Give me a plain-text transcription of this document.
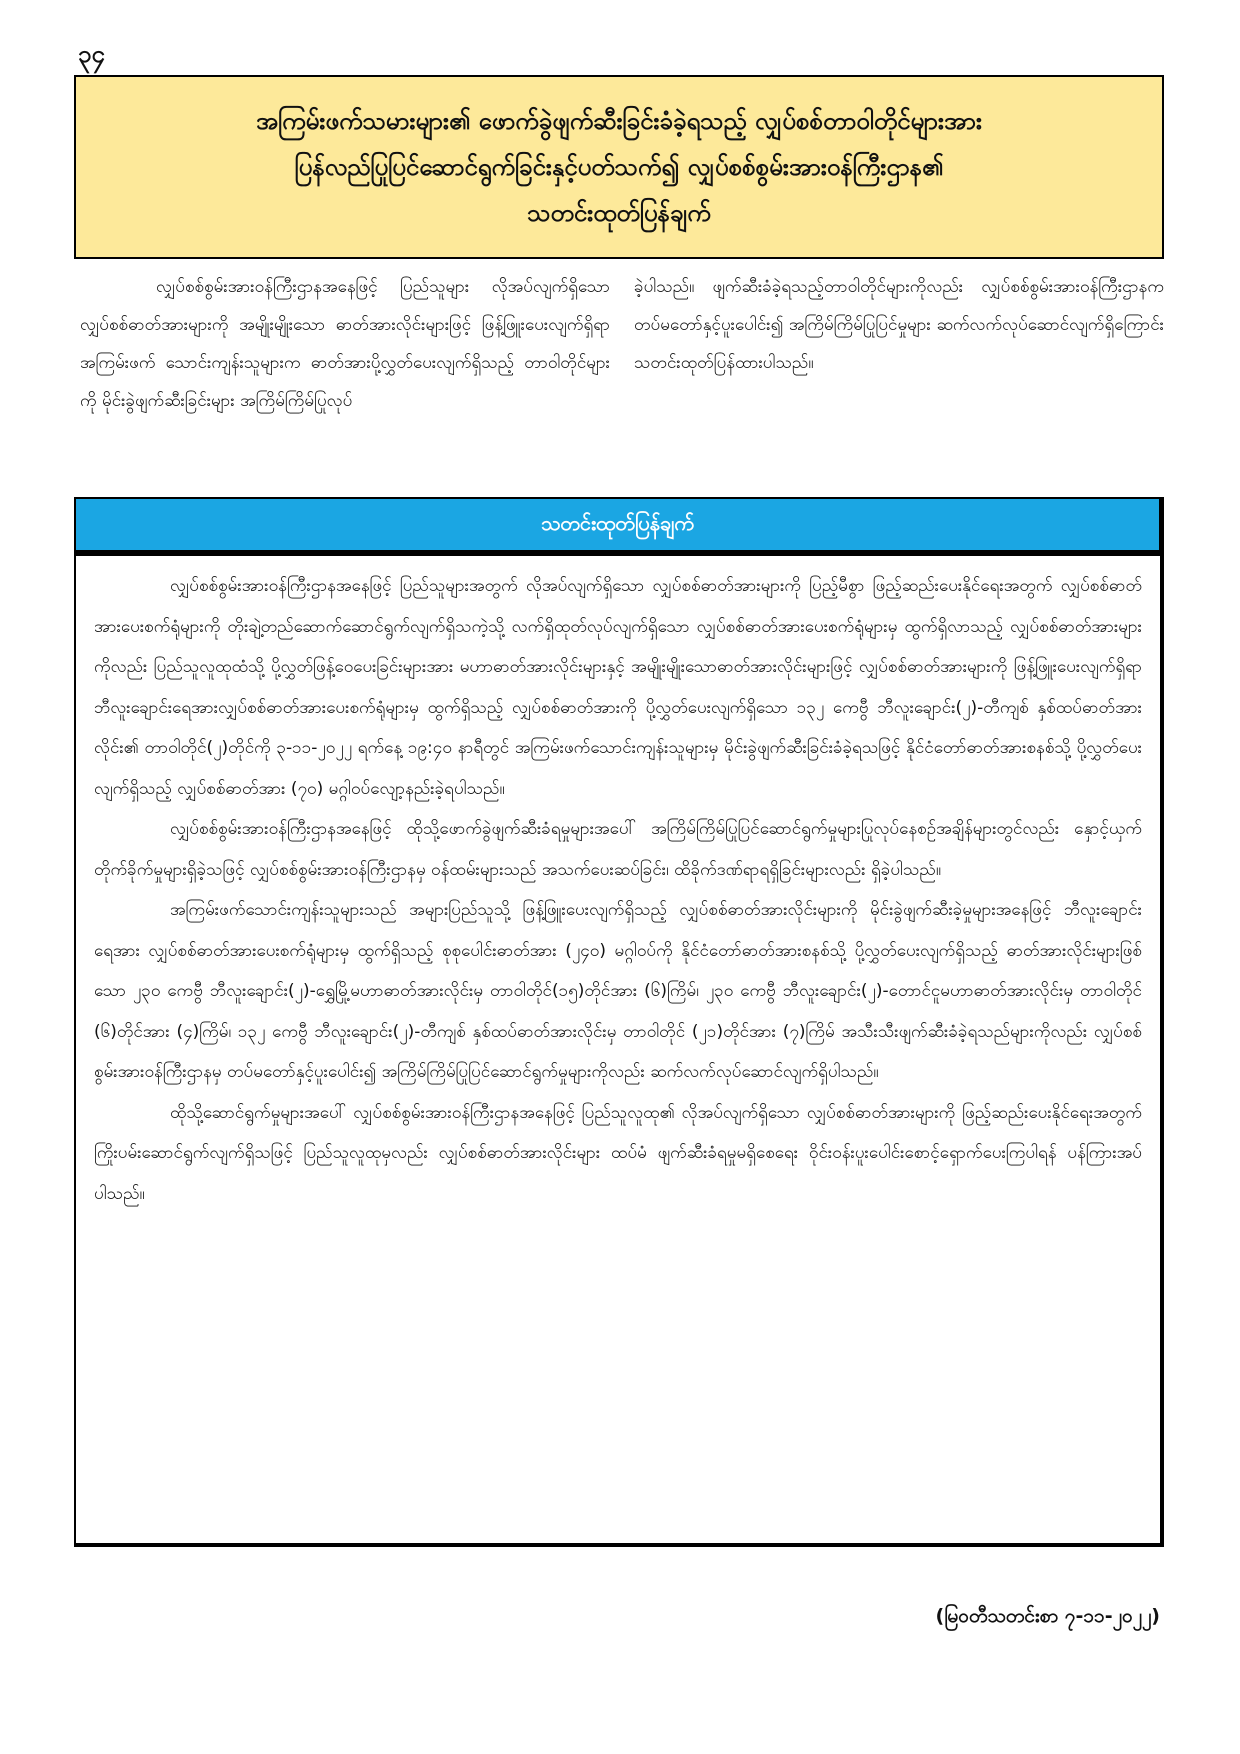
၃၄
အကြမ်းဖက်သမားများ၏ ဖောက်ခွဲဖျက်ဆီးခြင်းခံခဲ့ရသည့် လျှပ်စစ်တာဝါတိုင်များအား
ပြန်လည်ပြုပြင်ဆောင်ရွက်ခြင်းနှင့်ပတ်သက်၍ လျှပ်စစ်စွမ်းအားဝန်ကြီးဌာန၏
သတင်းထုတ်ပြန်ချက်
လျှပ်စစ်စွမ်းအားဝန်ကြီးဌာနအနေဖြင့် ပြည်သူများ လိုအပ်လျက်ရှိသော လျှပ်စစ်ဓာတ်အားများကို အမျိုးမျိုးသော ဓာတ်အားလိုင်းများဖြင့် ဖြန့်ဖြူးပေးလျက်ရှိရာ အကြမ်းဖက် သောင်းကျန်းသူများက ဓာတ်အားပို့လွှတ်ပေးလျက်ရှိသည့် တာဝါတိုင်များကို မိုင်းခွဲဖျက်ဆီးခြင်းများ အကြိမ်ကြိမ်ပြုလုပ်
ခဲ့ပါသည်။ ဖျက်ဆီးခံခဲ့ရသည့်တာဝါတိုင်များကိုလည်း လျှပ်စစ်စွမ်းအားဝန်ကြီးဌာနက တပ်မတော်နှင့်ပူးပေါင်း၍ အကြိမ်ကြိမ်ပြုပြင်မှုများ ဆက်လက်လုပ်ဆောင်လျက်ရှိကြောင်း သတင်းထုတ်ပြန်ထားပါသည်။
သတင်းထုတ်ပြန်ချက်

လျှပ်စစ်စွမ်းအားဝန်ကြီးဌာနအနေဖြင့် ပြည်သူများအတွက် လိုအပ်လျက်ရှိသော လျှပ်စစ်ဓာတ်အားများကို ပြည့်မီစွာ ဖြည့်ဆည်းပေးနိုင်ရေးအတွက် လျှပ်စစ်ဓာတ်အားပေးစက်ရုံများကို တိုးချဲ့တည်ဆောက်ဆောင်ရွက်လျက်ရှိသကဲ့သို့ လက်ရှိထုတ်လုပ်လျက်ရှိသော လျှပ်စစ်ဓာတ်အားပေးစက်ရုံများမှ ထွက်ရှိလာသည့် လျှပ်စစ်ဓာတ်အားများကိုလည်း ပြည်သူလူထုထံသို့ ပို့လွှတ်ဖြန့်ဝေပေးခြင်းများအား မဟာဓာတ်အားလိုင်းများနှင့် အမျိုးမျိုးသောဓာတ်အားလိုင်းများဖြင့် လျှပ်စစ်ဓာတ်အားများကို ဖြန့်ဖြူးပေးလျက်ရှိရာ ဘီလူးချောင်းရေအားလျှပ်စစ်ဓာတ်အားပေးစက်ရုံများမှ ထွက်ရှိသည့် လျှပ်စစ်ဓာတ်အားကို ပို့လွှတ်ပေးလျက်ရှိသော ၁၃၂ ကေဗွီ ဘီလူးချောင်း(၂)-တီကျစ် နှစ်ထပ်ဓာတ်အားလိုင်း၏ တာဝါတိုင်(၂)တိုင်ကို ၃-၁၁-၂၀၂၂ ရက်နေ့ ၁၉:၄၀ နာရီတွင် အကြမ်းဖက်သောင်းကျန်းသူများမှ မိုင်းခွဲဖျက်ဆီးခြင်းခံခဲ့ရသဖြင့် နိုင်ငံတော်ဓာတ်အားစနစ်သို့ ပို့လွှတ်ပေးလျက်ရှိသည့် လျှပ်စစ်ဓာတ်အား (၇၀) မဂ္ဂါဝပ်လျော့နည်းခဲ့ရပါသည်။

လျှပ်စစ်စွမ်းအားဝန်ကြီးဌာနအနေဖြင့် ထိုသို့ဖောက်ခွဲဖျက်ဆီးခံရမှုများအပေါ် အကြိမ်ကြိမ်ပြုပြင်ဆောင်ရွက်မှုများပြုလုပ်နေစဉ်အချိန်များတွင်လည်း နှောင့်ယှက်တိုက်ခိုက်မှုများရှိခဲ့သဖြင့် လျှပ်စစ်စွမ်းအားဝန်ကြီးဌာနမှ ဝန်ထမ်းများသည် အသက်ပေးဆပ်ခြင်း၊ ထိခိုက်ဒဏ်ရာရရှိခြင်းများလည်း ရှိခဲ့ပါသည်။

အကြမ်းဖက်သောင်းကျန်းသူများသည် အများပြည်သူသို့ ဖြန့်ဖြူးပေးလျက်ရှိသည့် လျှပ်စစ်ဓာတ်အားလိုင်းများကို မိုင်းခွဲဖျက်ဆီးခဲ့မှုများအနေဖြင့် ဘီလူးချောင်းရေအား လျှပ်စစ်ဓာတ်အားပေးစက်ရုံများမှ ထွက်ရှိသည့် စုစုပေါင်းဓာတ်အား (၂၄၀) မဂ္ဂါဝပ်ကို နိုင်ငံတော်ဓာတ်အားစနစ်သို့ ပို့လွှတ်ပေးလျက်ရှိသည့် ဓာတ်အားလိုင်းများဖြစ်သော ၂၃၀ ကေဗွီ ဘီလူးချောင်း(၂)-ရွှေမြို့မဟာဓာတ်အားလိုင်းမှ တာဝါတိုင်(၁၅)တိုင်အား (၆)ကြိမ်၊ ၂၃၀ ကေဗွီ ဘီလူးချောင်း(၂)-တောင်ငူမဟာဓာတ်အားလိုင်းမှ တာဝါတိုင် (၆)တိုင်အား (၄)ကြိမ်၊ ၁၃၂ ကေဗွီ ဘီလူးချောင်း(၂)-တီကျစ် နှစ်ထပ်ဓာတ်အားလိုင်းမှ တာဝါတိုင် (၂၁)တိုင်အား (၇)ကြိမ် အသီးသီးဖျက်ဆီးခံခဲ့ရသည်များကိုလည်း လျှပ်စစ်စွမ်းအားဝန်ကြီးဌာနမှ တပ်မတော်နှင့်ပူးပေါင်း၍ အကြိမ်ကြိမ်ပြုပြင်ဆောင်ရွက်မှုများကိုလည်း ဆက်လက်လုပ်ဆောင်လျက်ရှိပါသည်။

ထိုသို့ဆောင်ရွက်မှုများအပေါ် လျှပ်စစ်စွမ်းအားဝန်ကြီးဌာနအနေဖြင့် ပြည်သူလူထု၏ လိုအပ်လျက်ရှိသော လျှပ်စစ်ဓာတ်အားများကို ဖြည့်ဆည်းပေးနိုင်ရေးအတွက် ကြိုးပမ်းဆောင်ရွက်လျက်ရှိသဖြင့် ပြည်သူလူထုမှလည်း လျှပ်စစ်ဓာတ်အားလိုင်းများ ထပ်မံ ဖျက်ဆီးခံရမှုမရှိစေရေး ဝိုင်းဝန်းပူးပေါင်းစောင့်ရှောက်ပေးကြပါရန် ပန်ကြားအပ်ပါသည်။

(မြဝတီသတင်းစာ ၇-၁၁-၂၀၂၂)
